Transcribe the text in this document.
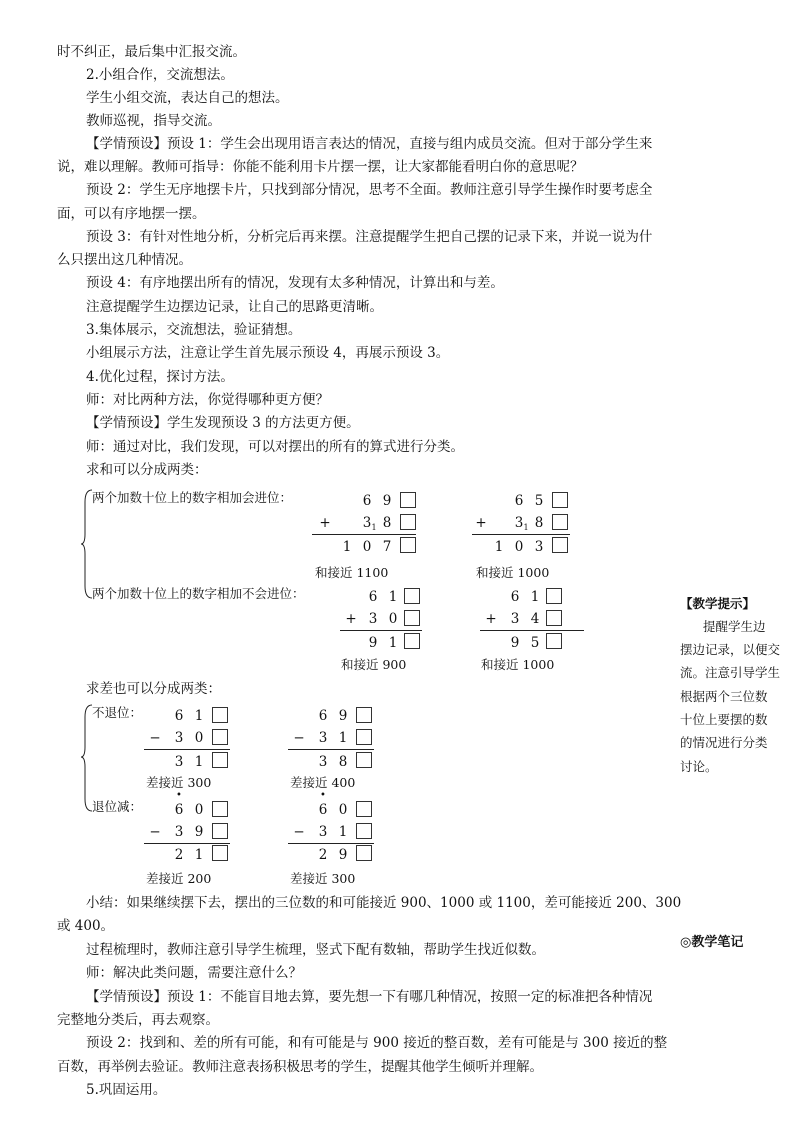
时不纠正，最后集中汇报交流。
2.小组合作，交流想法。
学生小组交流，表达自己的想法。
教师巡视，指导交流。
【学情预设】预设 1：学生会出现用语言表达的情况，直接与组内成员交流。但对于部分学生来
说，难以理解。教师可指导：你能不能利用卡片摆一摆，让大家都能看明白你的意思呢？
预设 2：学生无序地摆卡片，只找到部分情况，思考不全面。教师注意引导学生操作时要考虑全
面，可以有序地摆一摆。
预设 3：有针对性地分析，分析完后再来摆。注意提醒学生把自己摆的记录下来，并说一说为什
么只摆出这几种情况。
预设 4：有序地摆出所有的情况，发现有太多种情况，计算出和与差。
注意提醒学生边摆边记录，让自己的思路更清晰。
3.集体展示，交流想法，验证猜想。
小组展示方法，注意让学生首先展示预设 4，再展示预设 3。
4.优化过程，探讨方法。
师：对比两种方法，你觉得哪种更方便？
【学情预设】学生发现预设 3 的方法更方便。
师：通过对比，我们发现，可以对摆出的所有的算式进行分类。
求和可以分成两类：
两个加数十位上的数字相加会进位：
两个加数十位上的数字相加不会进位：
6 9
+ 3 1 8
1 0 7
和接近 1100
6 5
+ 3 1 8
1 0 3
和接近 1000
6 1
+ 3 0
9 1
和接近 900
6 1
+ 3 4
9 5
和接近 1000
求差也可以分成两类：
不退位：
退位减：
6 1
− 3 0
3 1
差接近 300
6 9
− 3 1
3 8
差接近 400
•
6 0
− 3 9
2 1
差接近 200
•
6 0
− 3 1
2 9
差接近 300
小结：如果继续摆下去，摆出的三位数的和可能接近 900、1000 或 1100，差可能接近 200、300
或 400。
过程梳理时，教师注意引导学生梳理，竖式下配有数轴，帮助学生找近似数。
师：解决此类问题，需要注意什么？
【学情预设】预设 1：不能盲目地去算，要先想一下有哪几种情况，按照一定的标准把各种情况
完整地分类后，再去观察。
预设 2：找到和、差的所有可能，和有可能是与 900 接近的整百数，差有可能是与 300 接近的整
百数，再举例去验证。教师注意表扬积极思考的学生，提醒其他学生倾听并理解。
5.巩固运用。
【教学提示】
提醒学生边
摆边记录，以便交
流。注意引导学生
根据两个三位数
十位上要摆的数
的情况进行分类
讨论。
◎教学笔记
